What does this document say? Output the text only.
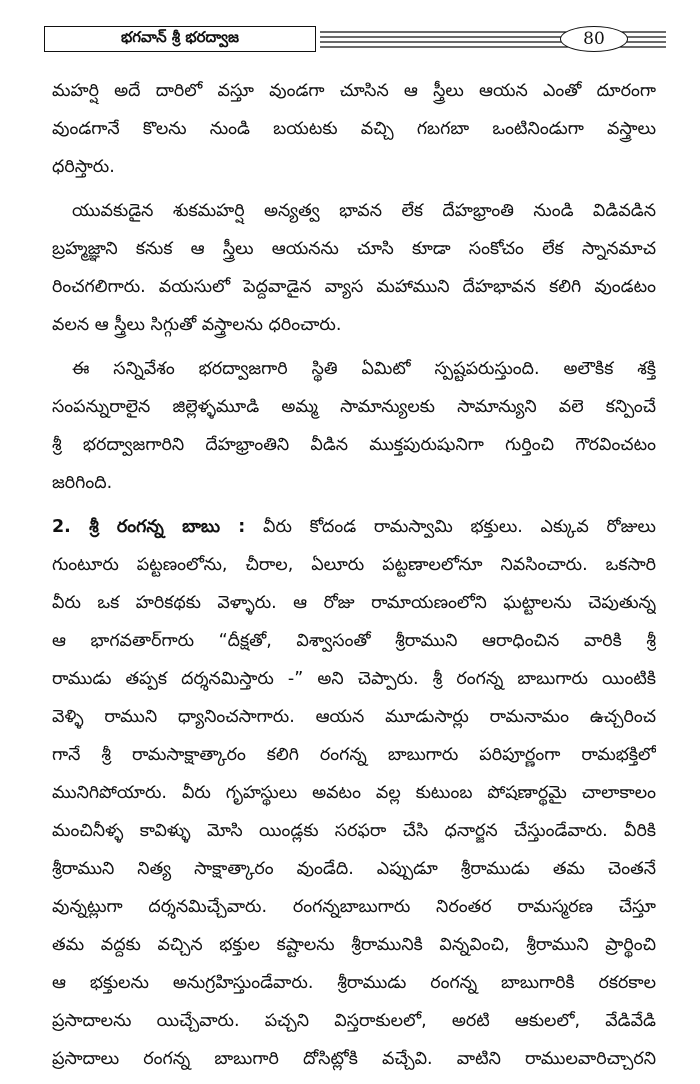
భగవాన్ శ్రీ భరద్వాజ	80
మహర్షి అదే దారిలో వస్తూ వుండగా చూసిన ఆ స్త్రీలు ఆయన ఎంతో దూరంగా
వుండగానే కొలను నుండి బయటకు వచ్చి గబగబా ఒంటినిండుగా వస్త్రాలు
ధరిస్తారు.
యువకుడైన శుకమహర్షి అన్యత్వ భావన లేక దేహభ్రాంతి నుండి విడివడిన
బ్రహ్మజ్ఞాని కనుక ఆ స్త్రీలు ఆయనను చూసి కూడా సంకోచం లేక స్నానమాచ
రించగలిగారు. వయసులో పెద్దవాడైన వ్యాస మహాముని దేహభావన కలిగి వుండటం
వలన ఆ స్త్రీలు సిగ్గుతో వస్త్రాలను ధరించారు.
ఈ సన్నివేశం భరద్వాజగారి స్థితి ఏమిటో స్పష్టపరుస్తుంది. అలౌకిక శక్తి
సంపన్నురాలైన జిల్లెళ్ళమూడి అమ్మ సామాన్యులకు సామాన్యుని వలె కన్పించే
శ్రీ భరద్వాజగారిని దేహభ్రాంతిని వీడిన ముక్తపురుషునిగా గుర్తించి గౌరవించటం
జరిగింది.
2. శ్రీ రంగన్న బాబు : వీరు కోదండ రామస్వామి భక్తులు. ఎక్కువ రోజులు
గుంటూరు పట్టణంలోను, చీరాల, ఏలూరు పట్టణాలలోనూ నివసించారు. ఒకసారి
వీరు ఒక హరికథకు వెళ్ళారు. ఆ రోజు రామాయణంలోని ఘట్టాలను చెపుతున్న
ఆ భాగవతార్‌గారు “దీక్షతో, విశ్వాసంతో శ్రీరాముని ఆరాధించిన వారికి శ్రీ
రాముడు తప్పక దర్శనమిస్తారు -” అని చెప్పారు. శ్రీ రంగన్న బాబుగారు యింటికి
వెళ్ళి రాముని ధ్యానించసాగారు. ఆయన మూడుసార్లు రామనామం ఉచ్చరించ
గానే శ్రీ రామసాక్షాత్కారం కలిగి రంగన్న బాబుగారు పరిపూర్ణంగా రామభక్తిలో
మునిగిపోయారు. వీరు గృహస్థులు అవటం వల్ల కుటుంబ పోషణార్థమై చాలాకాలం
మంచినీళ్ళ కావిళ్ళు మోసి యిండ్లకు సరఫరా చేసి ధనార్జన చేస్తుండేవారు. వీరికి
శ్రీరాముని నిత్య సాక్షాత్కారం వుండేది. ఎప్పుడూ శ్రీరాముడు తమ చెంతనే
వున్నట్లుగా దర్శనమిచ్చేవారు. రంగన్నబాబుగారు నిరంతర రామస్మరణ చేస్తూ
తమ వద్దకు వచ్చిన భక్తుల కష్టాలను శ్రీరామునికి విన్నవించి, శ్రీరాముని ప్రార్థించి
ఆ భక్తులను అనుగ్రహిస్తుండేవారు. శ్రీరాముడు రంగన్న బాబుగారికి రకరకాల
ప్రసాదాలను యిచ్చేవారు. పచ్చని విస్తరాకులలో, అరటి ఆకులలో, వేడివేడి
ప్రసాదాలు రంగన్న బాబుగారి దోసిట్లోకి వచ్చేవి. వాటిని రాములవారిచ్చారని
